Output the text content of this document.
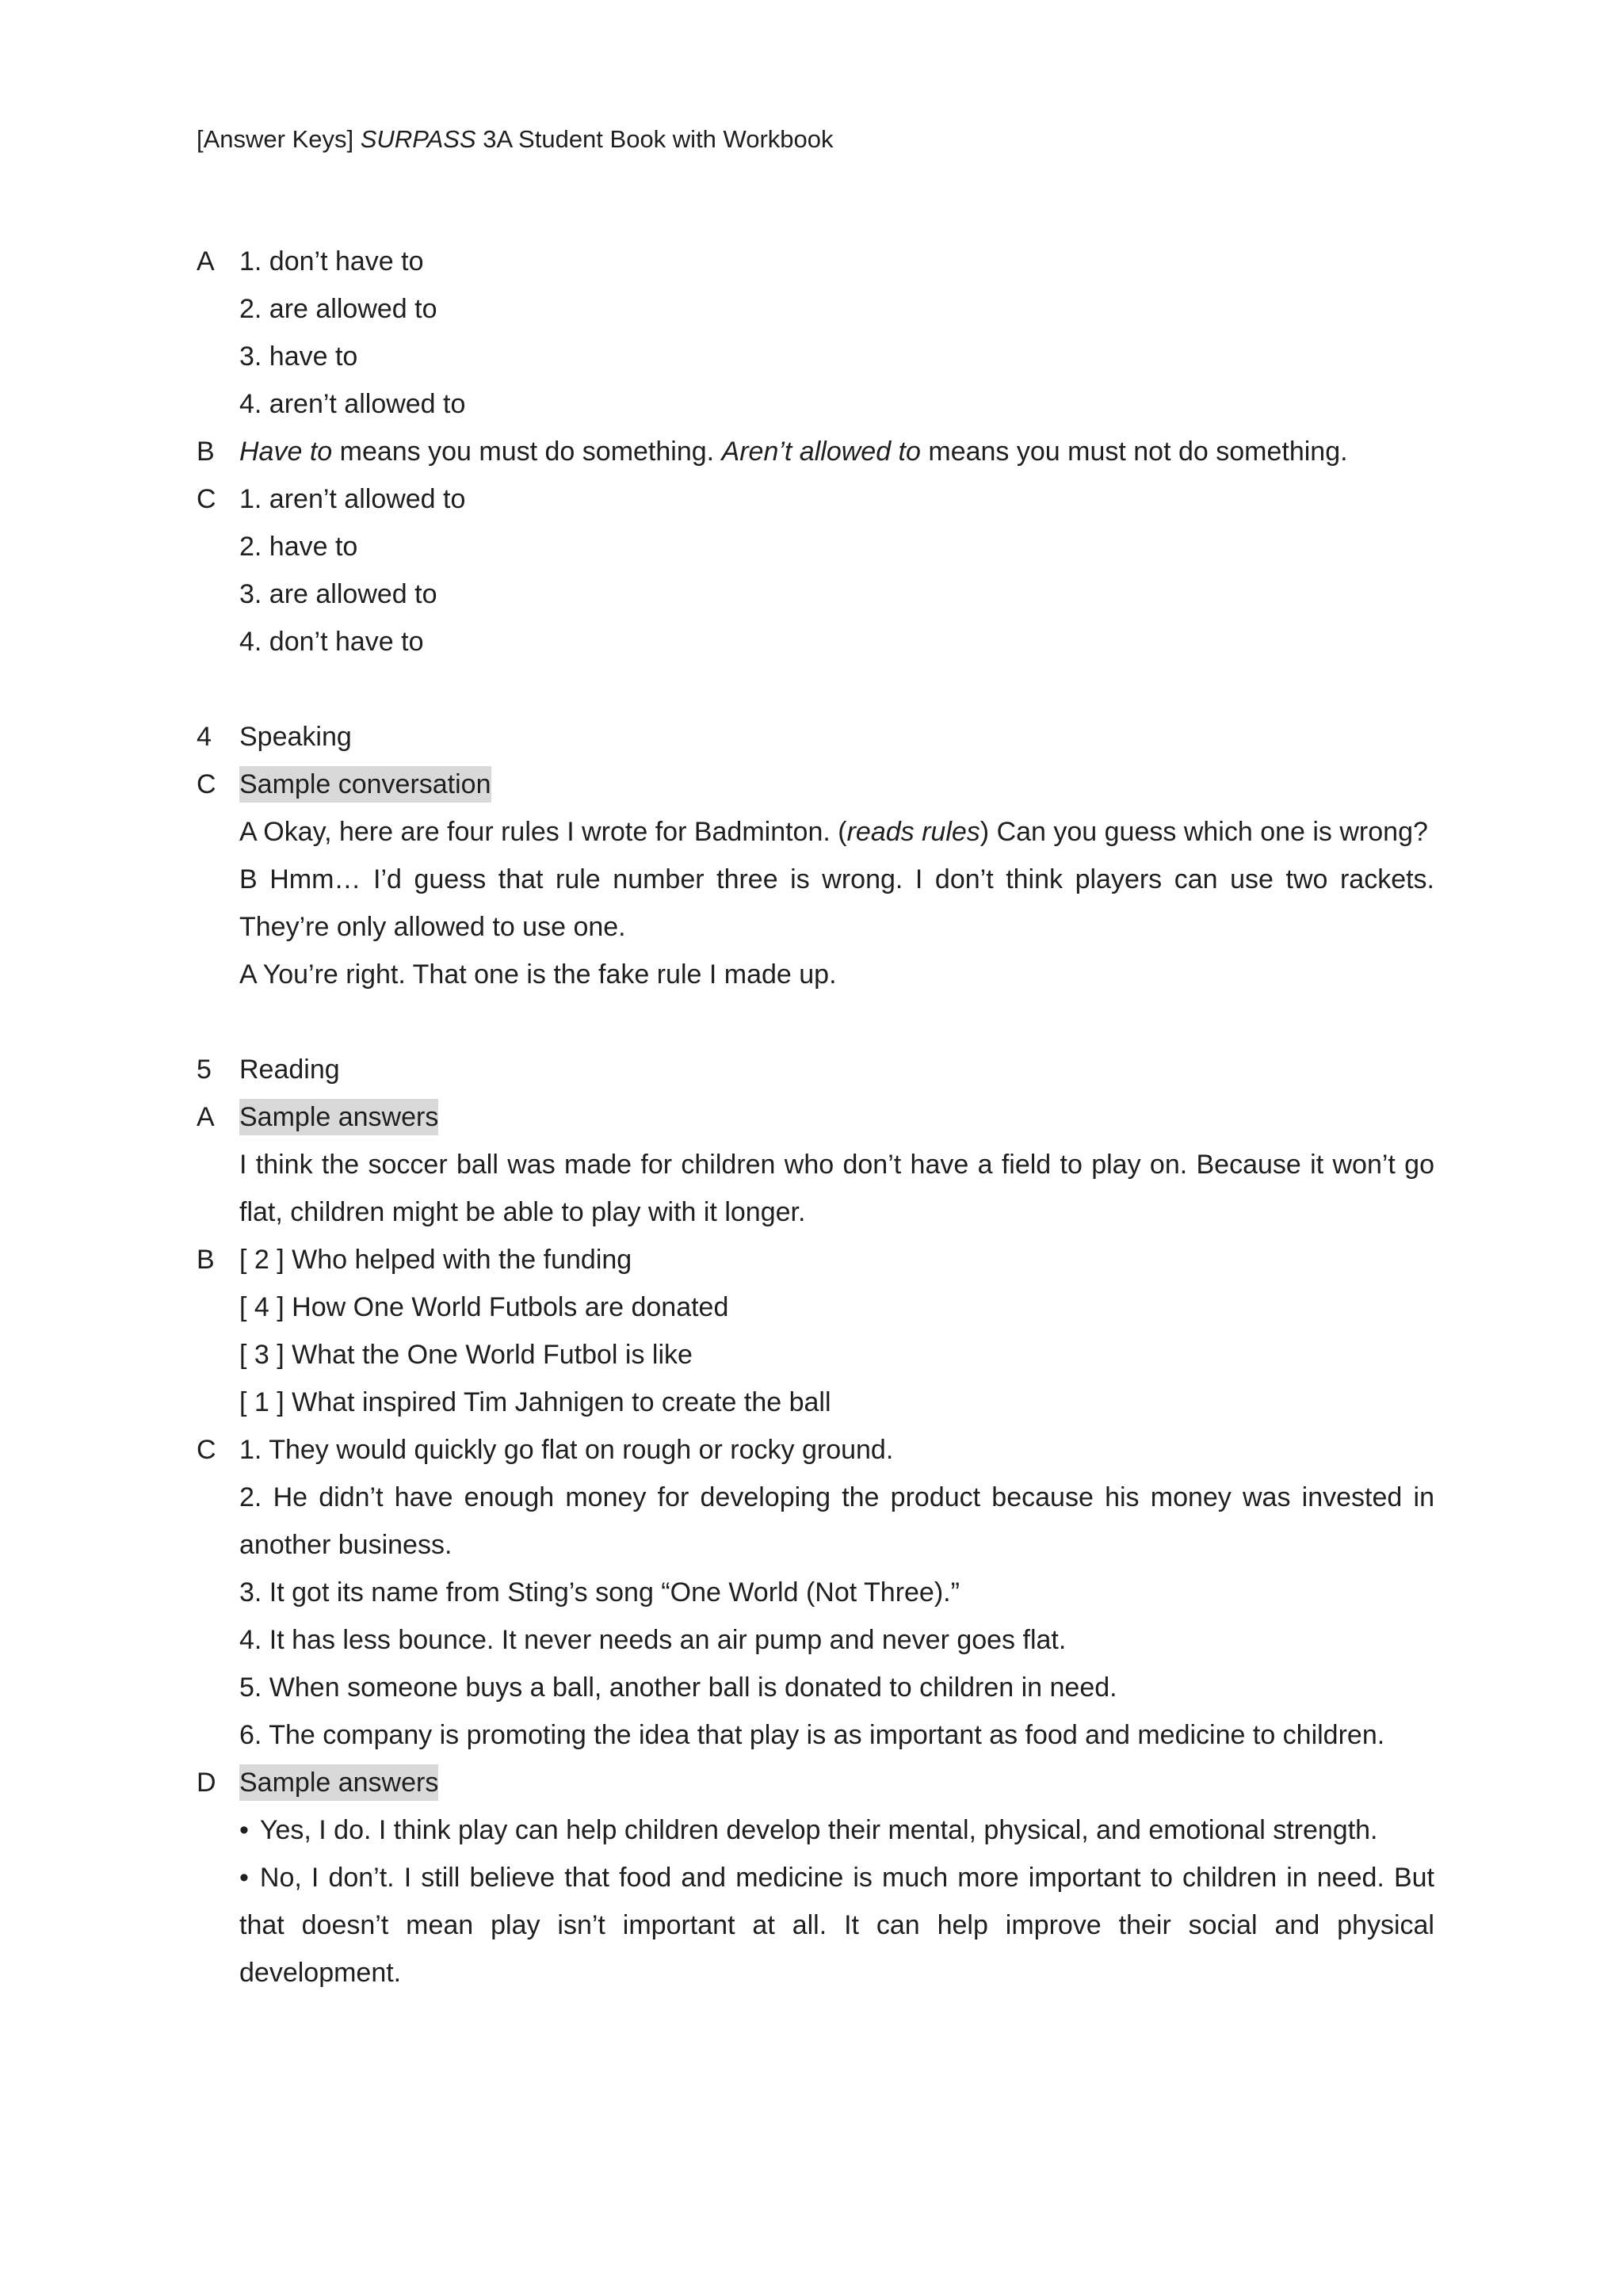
[Answer Keys] SURPASS 3A Student Book with Workbook
A 1. don’t have to
2. are allowed to
3. have to
4. aren’t allowed to
B Have to means you must do something. Aren’t allowed to means you must not do something.
C 1. aren’t allowed to
2. have to
3. are allowed to
4. don’t have to
4	Speaking
C Sample conversation
A Okay, here are four rules I wrote for Badminton. (reads rules) Can you guess which one is wrong?
B Hmm… I’d guess that rule number three is wrong. I don’t think players can use two rackets. They’re only allowed to use one.
A You’re right. That one is the fake rule I made up.
5	Reading
A Sample answers
I think the soccer ball was made for children who don’t have a field to play on. Because it won’t go flat, children might be able to play with it longer.
B [ 2 ] Who helped with the funding
[ 4 ] How One World Futbols are donated
[ 3 ] What the One World Futbol is like
[ 1 ] What inspired Tim Jahnigen to create the ball
C 1. They would quickly go flat on rough or rocky ground.
2. He didn’t have enough money for developing the product because his money was invested in another business.
3. It got its name from Sting’s song “One World (Not Three).”
4. It has less bounce. It never needs an air pump and never goes flat.
5. When someone buys a ball, another ball is donated to children in need.
6. The company is promoting the idea that play is as important as food and medicine to children.
D Sample answers
• Yes, I do. I think play can help children develop their mental, physical, and emotional strength.
• No, I don’t. I still believe that food and medicine is much more important to children in need. But that doesn’t mean play isn’t important at all. It can help improve their social and physical development.
